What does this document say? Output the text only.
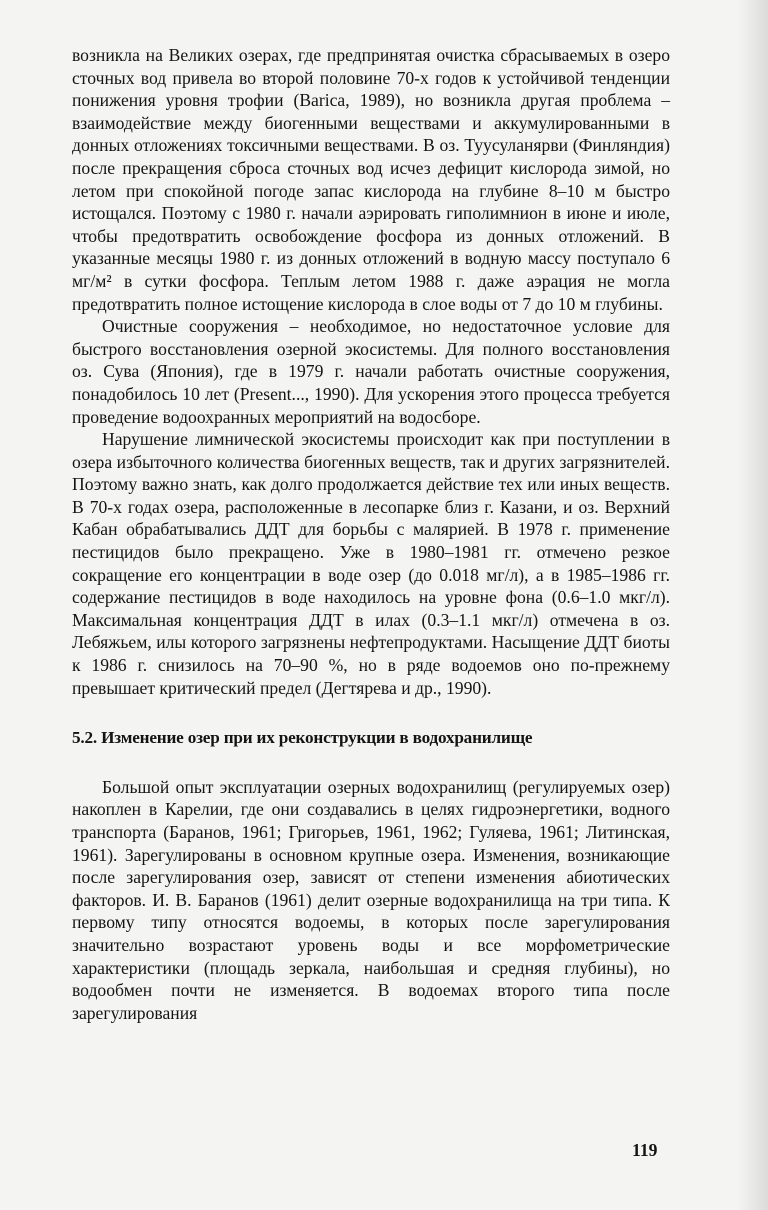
возникла на Великих озерах, где предпринятая очистка сбрасываемых в озеро сточных вод привела во второй половине 70-х годов к устойчивой тенденции понижения уровня трофии (Barica, 1989), но возникла другая проблема – взаимодействие между биогенными веществами и аккумулированными в донных отложениях токсичными веществами. В оз. Туусуланярви (Финляндия) после прекращения сброса сточных вод исчез дефицит кислорода зимой, но летом при спокойной погоде запас кислорода на глубине 8–10 м быстро истощался. Поэтому с 1980 г. начали аэрировать гиполимнион в июне и июле, чтобы предотвратить освобождение фосфора из донных отложений. В указанные месяцы 1980 г. из донных отложений в водную массу поступало 6 мг/м² в сутки фосфора. Теплым летом 1988 г. даже аэрация не могла предотвратить полное истощение кислорода в слое воды от 7 до 10 м глубины.

Очистные сооружения – необходимое, но недостаточное условие для быстрого восстановления озерной экосистемы. Для полного восстановления оз. Сува (Япония), где в 1979 г. начали работать очистные сооружения, понадобилось 10 лет (Present..., 1990). Для ускорения этого процесса требуется проведение водоохранных мероприятий на водосборе.

Нарушение лимнической экосистемы происходит как при поступлении в озера избыточного количества биогенных веществ, так и других загрязнителей. Поэтому важно знать, как долго продолжается действие тех или иных веществ. В 70-х годах озера, расположенные в лесопарке близ г. Казани, и оз. Верхний Кабан обрабатывались ДДТ для борьбы с малярией. В 1978 г. применение пестицидов было прекращено. Уже в 1980–1981 гг. отмечено резкое сокращение его концентрации в воде озер (до 0.018 мг/л), а в 1985–1986 гг. содержание пестицидов в воде находилось на уровне фона (0.6–1.0 мкг/л). Максимальная концентрация ДДТ в илах (0.3–1.1 мкг/л) отмечена в оз. Лебяжьем, илы которого загрязнены нефтепродуктами. Насыщение ДДТ биоты к 1986 г. снизилось на 70–90 %, но в ряде водоемов оно по-прежнему превышает критический предел (Дегтярева и др., 1990).

5.2. Изменение озер при их реконструкции в водохранилище

Большой опыт эксплуатации озерных водохранилищ (регулируемых озер) накоплен в Карелии, где они создавались в целях гидроэнергетики, водного транспорта (Баранов, 1961; Григорьев, 1961, 1962; Гуляева, 1961; Литинская, 1961). Зарегулированы в основном крупные озера. Изменения, возникающие после зарегулирования озер, зависят от степени изменения абиотических факторов. И. В. Баранов (1961) делит озерные водохранилища на три типа. К первому типу относятся водоемы, в которых после зарегулирования значительно возрастают уровень воды и все морфометрические характеристики (площадь зеркала, наибольшая и средняя глубины), но водообмен почти не изменяется. В водоемах второго типа после зарегулирования

119
